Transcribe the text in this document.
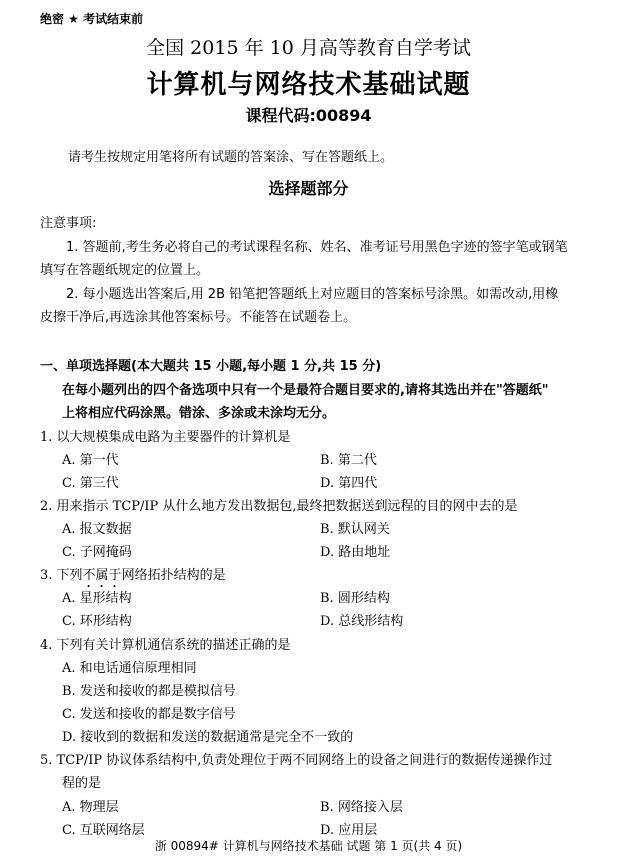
绝密 ★ 考试结束前
全国 2015 年 10 月高等教育自学考试
计算机与网络技术基础试题
课程代码:00894
请考生按规定用笔将所有试题的答案涂、写在答题纸上。
选择题部分
注意事项:
1. 答题前,考生务必将自己的考试课程名称、姓名、准考证号用黑色字迹的签字笔或钢笔
填写在答题纸规定的位置上。
2. 每小题选出答案后,用 2B 铅笔把答题纸上对应题目的答案标号涂黑。如需改动,用橡
皮擦干净后,再选涂其他答案标号。不能答在试题卷上。
一、单项选择题(本大题共 15 小题,每小题 1 分,共 15 分)
在每小题列出的四个备选项中只有一个是最符合题目要求的,请将其选出并在"答题纸"
上将相应代码涂黑。错涂、多涂或未涂均无分。
1. 以大规模集成电路为主要器件的计算机是
A. 第一代	B. 第二代
C. 第三代	D. 第四代
2. 用来指示 TCP/IP 从什么地方发出数据包,最终把数据送到远程的目的网中去的是
A. 报文数据	B. 默认网关
C. 子网掩码	D. 路由地址
3. 下列不属于网络拓扑结构的是
A. 星形结构	B. 圆形结构
C. 环形结构	D. 总线形结构
4. 下列有关计算机通信系统的描述正确的是
A. 和电话通信原理相同
B. 发送和接收的都是模拟信号
C. 发送和接收的都是数字信号
D. 接收到的数据和发送的数据通常是完全不一致的
5. TCP/IP 协议体系结构中,负责处理位于两不同网络上的设备之间进行的数据传递操作过
程的是
A. 物理层	B. 网络接入层
C. 互联网络层	D. 应用层
浙 00894# 计算机与网络技术基础 试题 第 1 页(共 4 页)
